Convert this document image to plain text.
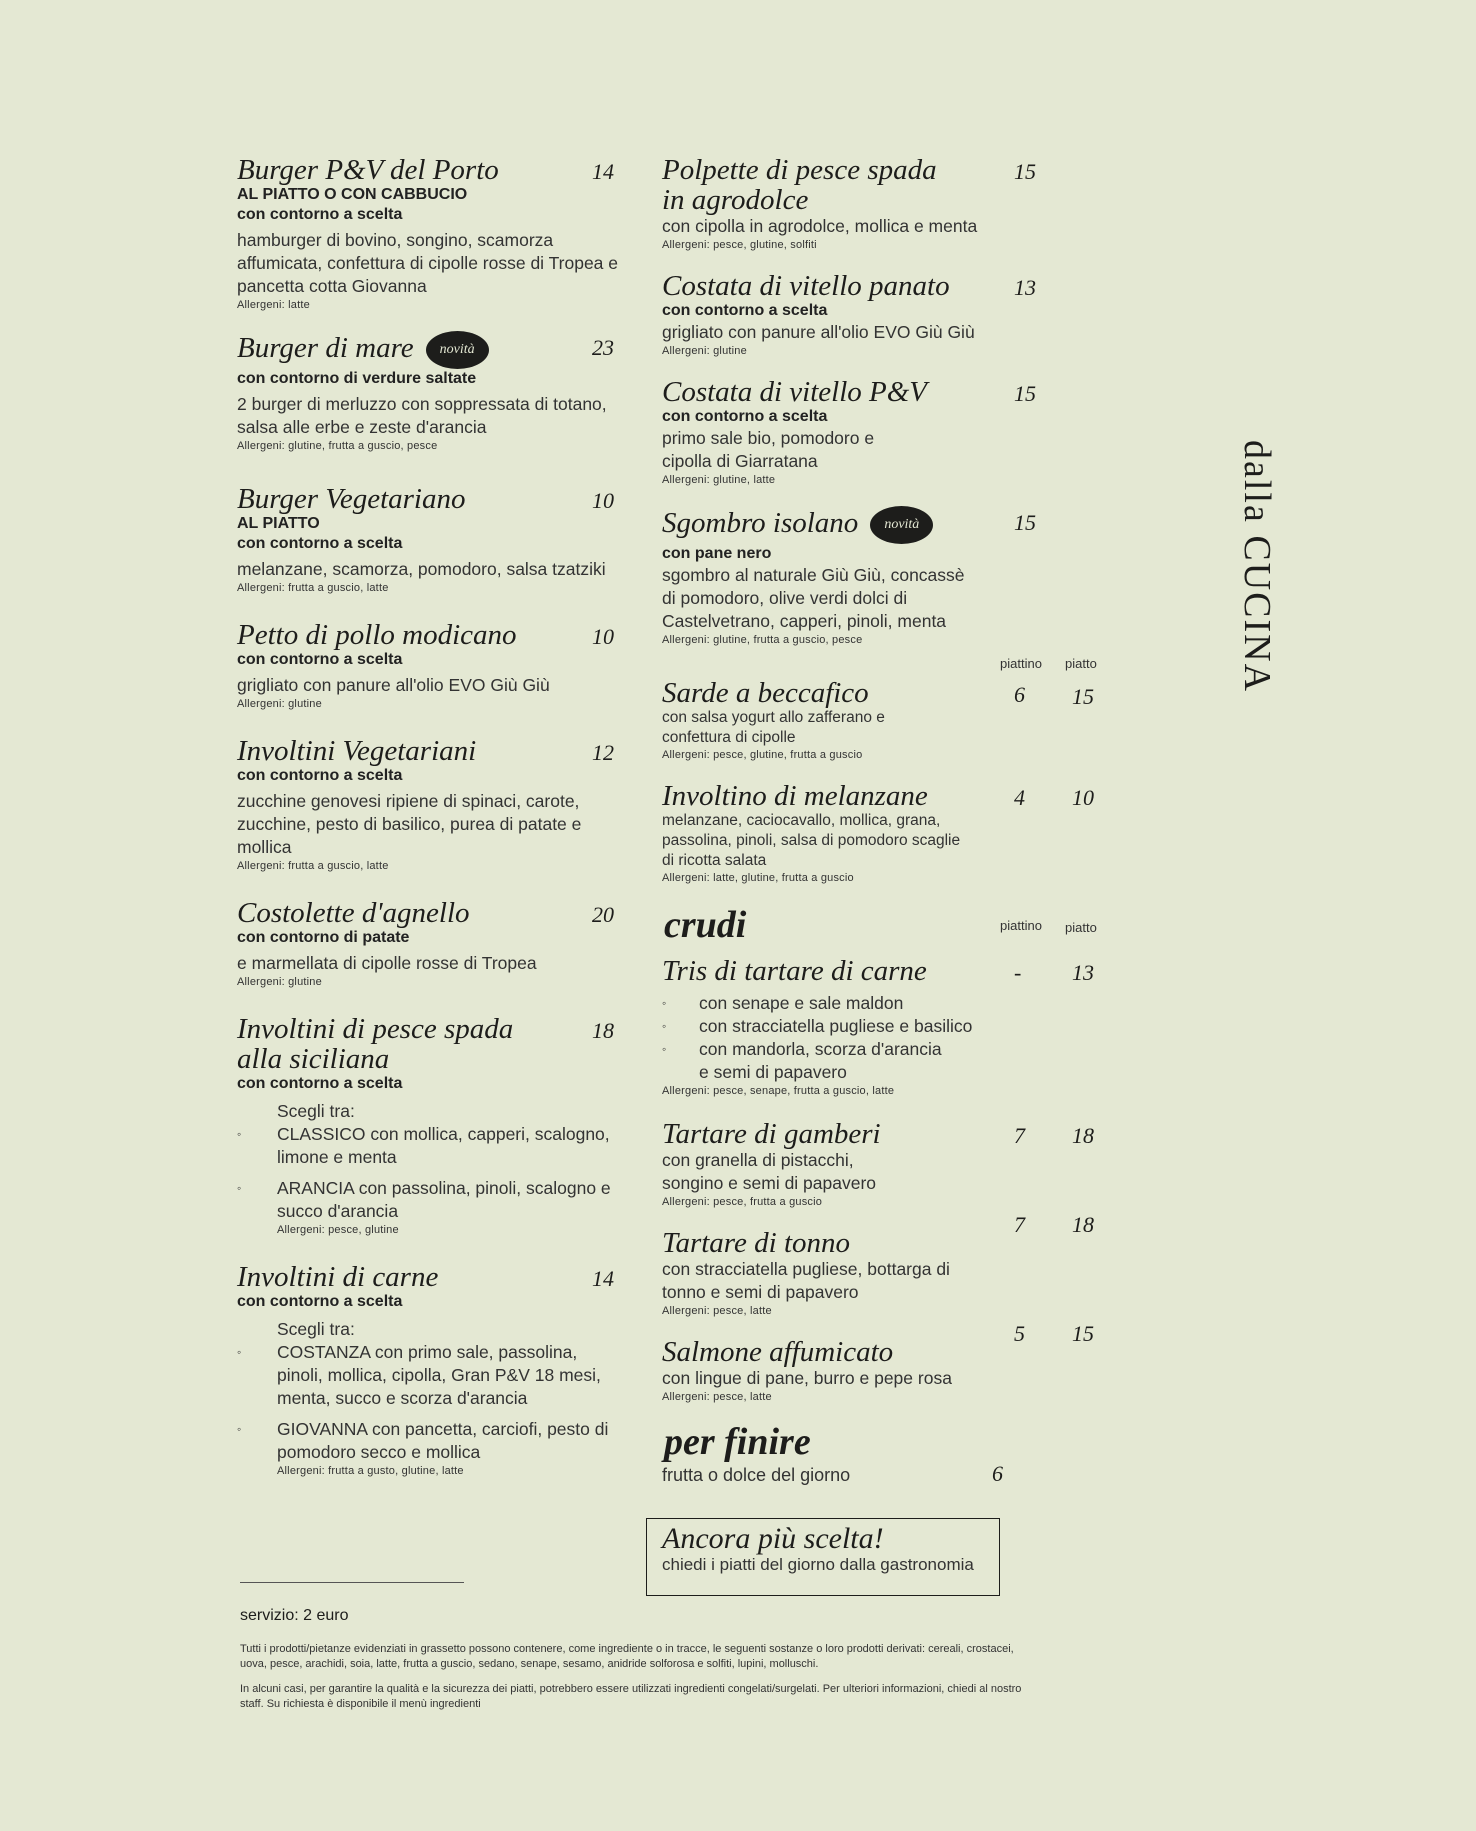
Burger P&V del Porto	14
AL PIATTO O CON CABBUCIO
con contorno a scelta
hamburger di bovino, songino, scamorza affumicata, confettura di cipolle rosse di Tropea e pancetta cotta Giovanna
Allergeni: latte
Burger di mare novità	23
con contorno di verdure saltate
2 burger di merluzzo con soppressata di totano, salsa alle erbe e zeste d'arancia
Allergeni: glutine, frutta a guscio, pesce
Burger Vegetariano	10
AL PIATTO
con contorno a scelta
melanzane, scamorza, pomodoro, salsa tzatziki
Allergeni: frutta a guscio, latte
Petto di pollo modicano	10
con contorno a scelta
grigliato con panure all'olio EVO Giù Giù
Allergeni: glutine
Involtini Vegetariani	12
con contorno a scelta
zucchine genovesi ripiene di spinaci, carote, zucchine, pesto di basilico, purea di patate e mollica
Allergeni: frutta a guscio, latte
Costolette d'agnello	20
con contorno di patate
e marmellata di cipolle rosse di Tropea
Allergeni: glutine
Involtini di pesce spada alla siciliana
18
con contorno a scelta
Scegli tra:
◦ CLASSICO con mollica, capperi, scalogno, limone e menta
◦ ARANCIA con passolina, pinoli, scalogno e succo d'arancia
Allergeni: pesce, glutine
Involtini di carne	14
con contorno a scelta
Scegli tra:
◦ COSTANZA con primo sale, passolina, pinoli, mollica, cipolla, Gran P&V 18 mesi, menta, succo e scorza d'arancia
◦ GIOVANNA con pancetta, carciofi, pesto di pomodoro secco e mollica
Allergeni: frutta a gusto, glutine, latte
Polpette di pesce spada in agrodolce
15
con cipolla in agrodolce, mollica e menta
Allergeni: pesce, glutine, solfiti
Costata di vitello panato	13
con contorno a scelta
grigliato con panure all'olio EVO Giù Giù
Allergeni: glutine
Costata di vitello P&V	15
con contorno a scelta
primo sale bio, pomodoro e cipolla di Giarratana
Allergeni: glutine, latte
Sgombro isolano novità	15
con pane nero
sgombro al naturale Giù Giù, concassè di pomodoro, olive verdi dolci di Castelvetrano, capperi, pinoli, menta
Allergeni: glutine, frutta a guscio, pesce
piattino piatto
Sarde a beccafico	6 15
con salsa yogurt allo zafferano e confettura di cipolle
Allergeni: pesce, glutine, frutta a guscio
Involtino di melanzane	4 10
melanzane, caciocavallo, mollica, grana, passolina, pinoli, salsa di pomodoro scaglie di ricotta salata
Allergeni: latte, glutine, frutta a guscio
crudi	piattino piatto
Tris di tartare di carne	- 13
◦ con senape e sale maldon
◦ con stracciatella pugliese e basilico
◦ con mandorla, scorza d'arancia
e semi di papavero
Allergeni: pesce, senape, frutta a guscio, latte
Tartare di gamberi	7 18
con granella di pistacchi, songino e semi di papavero
Allergeni: pesce, frutta a guscio
Tartare di tonno
7 18
con stracciatella pugliese, bottarga di tonno e semi di papavero
Allergeni: pesce, latte
Salmone affumicato
5 15
con lingue di pane, burro e pepe rosa
Allergeni: pesce, latte
per finire
frutta o dolce del giorno	6
dalla CUCINA
Ancora più scelta!
chiedi i piatti del giorno dalla gastronomia
servizio: 2 euro
Tutti i prodotti/pietanze evidenziati in grassetto possono contenere, come ingrediente o in tracce, le seguenti sostanze o loro prodotti derivati: cereali, crostacei, uova, pesce, arachidi, soia, latte, frutta a guscio, sedano, senape, sesamo, anidride solforosa e solfiti, lupini, molluschi.
In alcuni casi, per garantire la qualità e la sicurezza dei piatti, potrebbero essere utilizzati ingredienti congelati/surgelati. Per ulteriori informazioni, chiedi al nostro staff. Su richiesta è disponibile il menù ingredienti
